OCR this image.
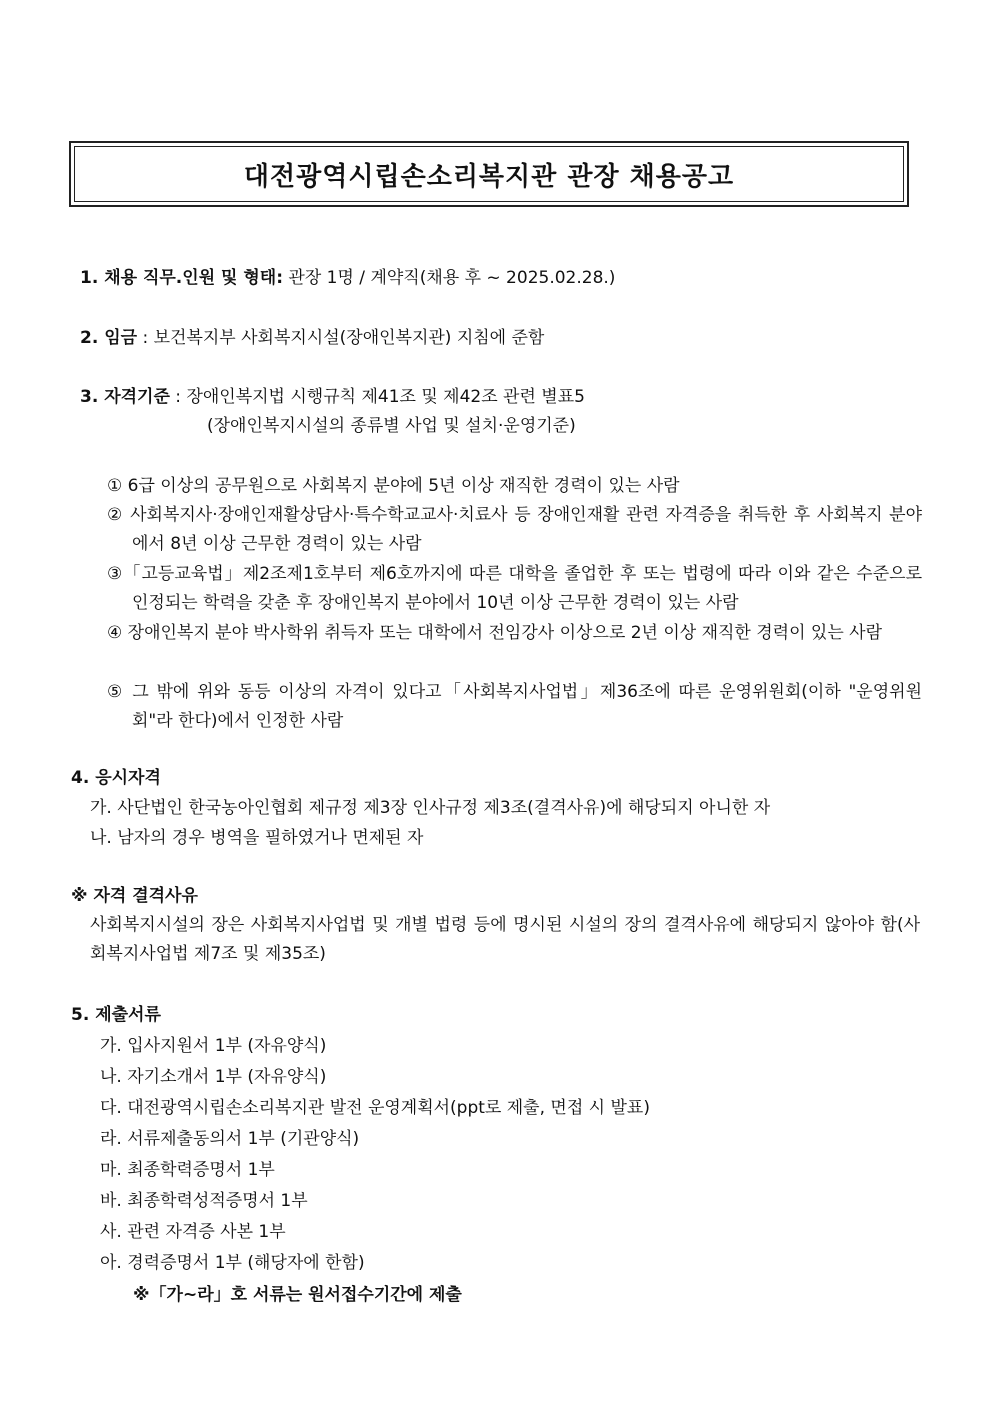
대전광역시립손소리복지관 관장 채용공고
1. 채용 직무.인원 및 형태: 관장 1명 / 계약직(채용 후 ~ 2025.02.28.)
2. 임금 : 보건복지부 사회복지시설(장애인복지관) 지침에 준함
3. 자격기준 : 장애인복지법 시행규칙 제41조 및 제42조 관련 별표5
(장애인복지시설의 종류별 사업 및 설치·운영기준)
① 6급 이상의 공무원으로 사회복지 분야에 5년 이상 재직한 경력이 있는 사람
② 사회복지사·장애인재활상담사·특수학교교사·치료사 등 장애인재활 관련 자격증을 취득한 후 사회복지 분야에서 8년 이상 근무한 경력이 있는 사람
③「고등교육법」제2조제1호부터 제6호까지에 따른 대학을 졸업한 후 또는 법령에 따라 이와 같은 수준으로 인정되는 학력을 갖춘 후 장애인복지 분야에서 10년 이상 근무한 경력이 있는 사람
④ 장애인복지 분야 박사학위 취득자 또는 대학에서 전임강사 이상으로 2년 이상 재직한 경력이 있는 사람
⑤ 그 밖에 위와 동등 이상의 자격이 있다고「사회복지사업법」제36조에 따른 운영위원회(이하 "운영위원회"라 한다)에서 인정한 사람
4. 응시자격
가. 사단법인 한국농아인협회 제규정 제3장 인사규정 제3조(결격사유)에 해당되지 아니한 자
나. 남자의 경우 병역을 필하였거나 면제된 자
※ 자격 결격사유
사회복지시설의 장은 사회복지사업법 및 개별 법령 등에 명시된 시설의 장의 결격사유에 해당되지 않아야 함(사회복지사업법 제7조 및 제35조)
5. 제출서류
가. 입사지원서 1부 (자유양식)
나. 자기소개서 1부 (자유양식)
다. 대전광역시립손소리복지관 발전 운영계획서(ppt로 제출, 면접 시 발표)
라. 서류제출동의서 1부 (기관양식)
마. 최종학력증명서 1부
바. 최종학력성적증명서 1부
사. 관련 자격증 사본 1부
아. 경력증명서 1부 (해당자에 한함)
※「가~라」호 서류는 원서접수기간에 제출
